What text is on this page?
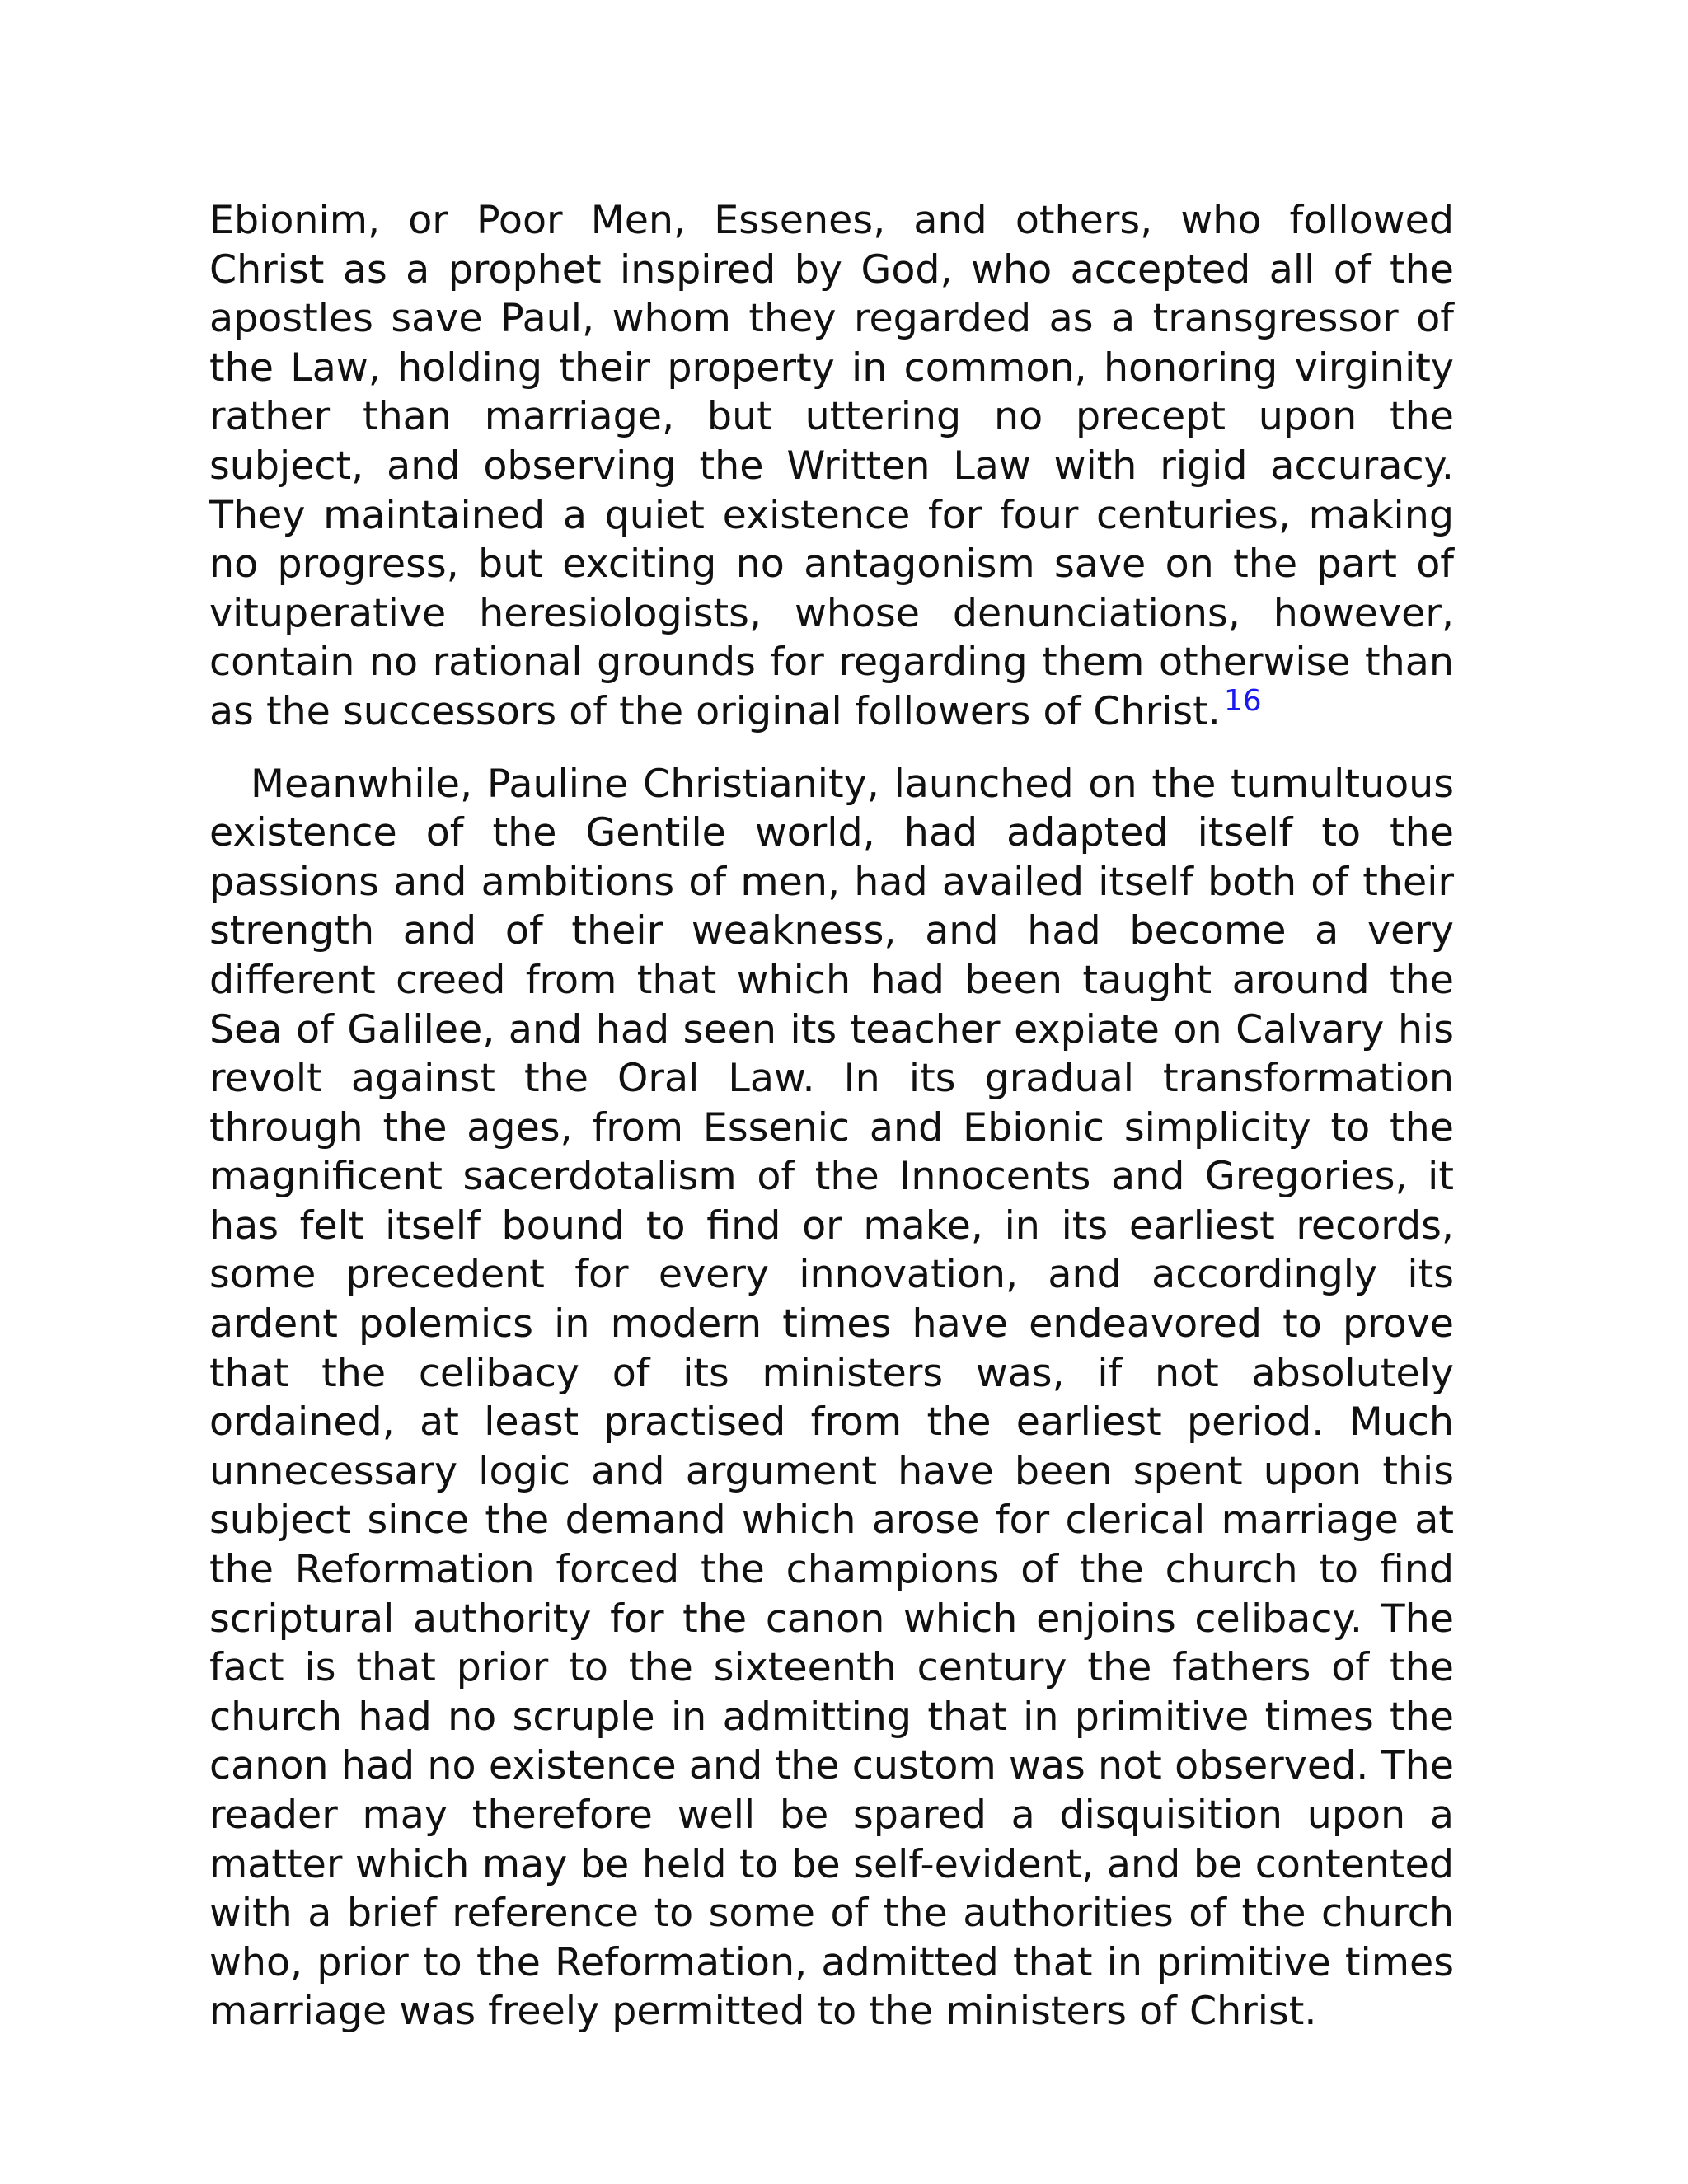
Ebionim, or Poor Men, Essenes, and others, who followed Christ as a prophet inspired by God, who accepted all of the apostles save Paul, whom they regarded as a transgressor of the Law, holding their property in common, honoring virginity rather than marriage, but uttering no precept upon the subject, and observing the Written Law with rigid accuracy. They maintained a quiet existence for four centuries, making no progress, but exciting no antagonism save on the part of vituperative heresiologists, whose denunciations, however, contain no rational grounds for regarding them otherwise than as the successors of the original followers of Christ. $^{16}$

Meanwhile, Pauline Christianity, launched on the tumultuous existence of the Gentile world, had adapted itself to the passions and ambitions of men, had availed itself both of their strength and of their weakness, and had become a very different creed from that which had been taught around the Sea of Galilee, and had seen its teacher expiate on Calvary his revolt against the Oral Law. In its gradual transformation through the ages, from Essenic and Ebionic simplicity to the magnificent sacerdotalism of the Innocents and Gregories, it has felt itself bound to find or make, in its earliest records, some precedent for every innovation, and accordingly its ardent polemics in modern times have endeavored to prove that the celibacy of its ministers was, if not absolutely ordained, at least practised from the earliest period. Much unnecessary logic and argument have been spent upon this subject since the demand which arose for clerical marriage at the Reformation forced the champions of the church to find scriptural authority for the canon which enjoins celibacy. The fact is that prior to the sixteenth century the fathers of the church had no scruple in admitting that in primitive times the canon had no existence and the custom was not observed. The reader may therefore well be spared a disquisition upon a matter which may be held to be self-evident, and be contented with a brief reference to some of the authorities of the church who, prior to the Reformation, admitted that in primitive times marriage was freely permitted to the ministers of Christ.
